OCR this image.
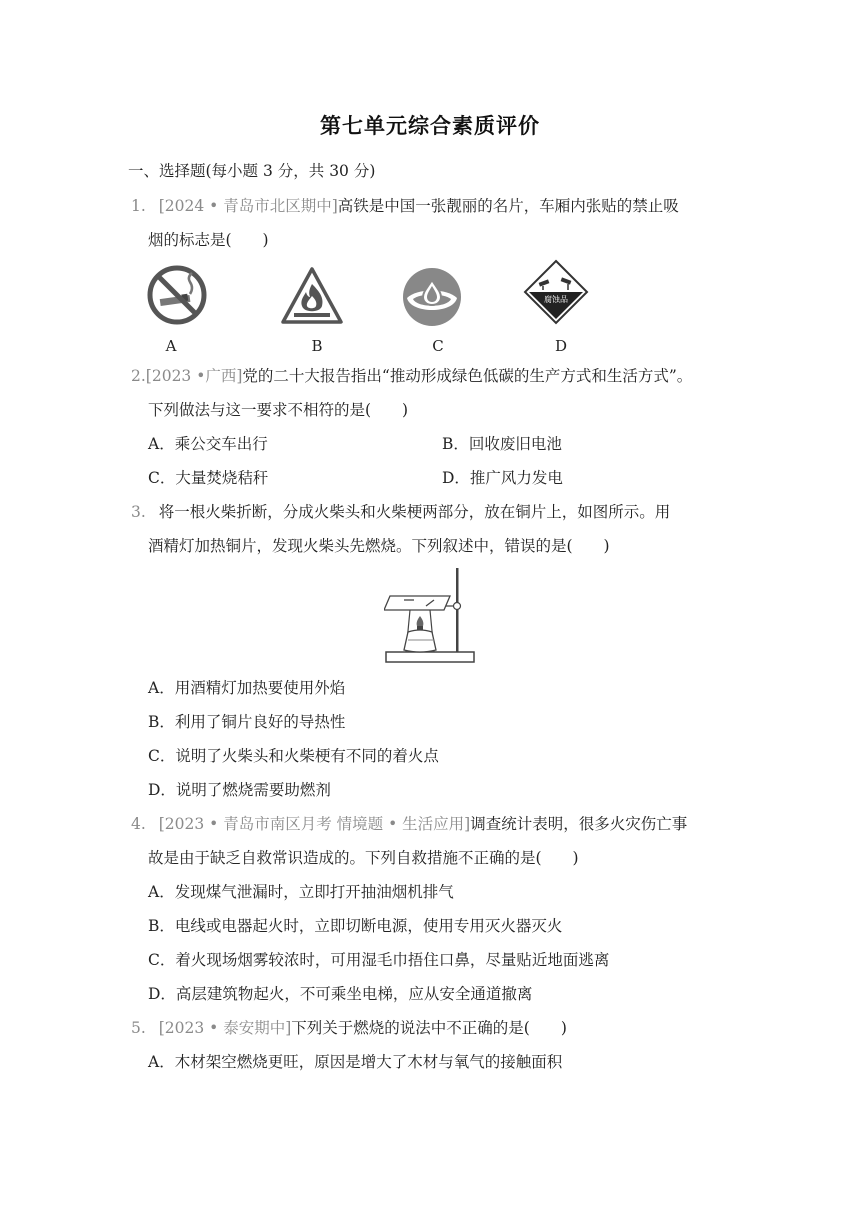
第七单元综合素质评价
一、选择题(每小题 3 分，共 30 分)
1. [2024 • 青岛市北区期中]高铁是中国一张靓丽的名片，车厢内张贴的禁止吸
烟的标志是(　　)
腐蚀品
A	B	C	D
2.[2023 •广西]党的二十大报告指出“推动形成绿色低碳的生产方式和生活方式”。
下列做法与这一要求不相符的是(　　)
A．乘公交车出行	B．回收废旧电池
C．大量焚烧秸秆	D．推广风力发电
3. 将一根火柴折断，分成火柴头和火柴梗两部分，放在铜片上，如图所示。用
酒精灯加热铜片，发现火柴头先燃烧。下列叙述中，错误的是(　　)
A．用酒精灯加热要使用外焰
B．利用了铜片良好的导热性
C．说明了火柴头和火柴梗有不同的着火点
D．说明了燃烧需要助燃剂
4. [2023 • 青岛市南区月考 情境题 • 生活应用]调查统计表明，很多火灾伤亡事
故是由于缺乏自救常识造成的。下列自救措施不正确的是(　　)
A．发现煤气泄漏时，立即打开抽油烟机排气
B．电线或电器起火时，立即切断电源，使用专用灭火器灭火
C．着火现场烟雾较浓时，可用湿毛巾捂住口鼻，尽量贴近地面逃离
D．高层建筑物起火，不可乘坐电梯，应从安全通道撤离
5. [2023 • 泰安期中]下列关于燃烧的说法中不正确的是(　　)
A．木材架空燃烧更旺，原因是增大了木材与氧气的接触面积
